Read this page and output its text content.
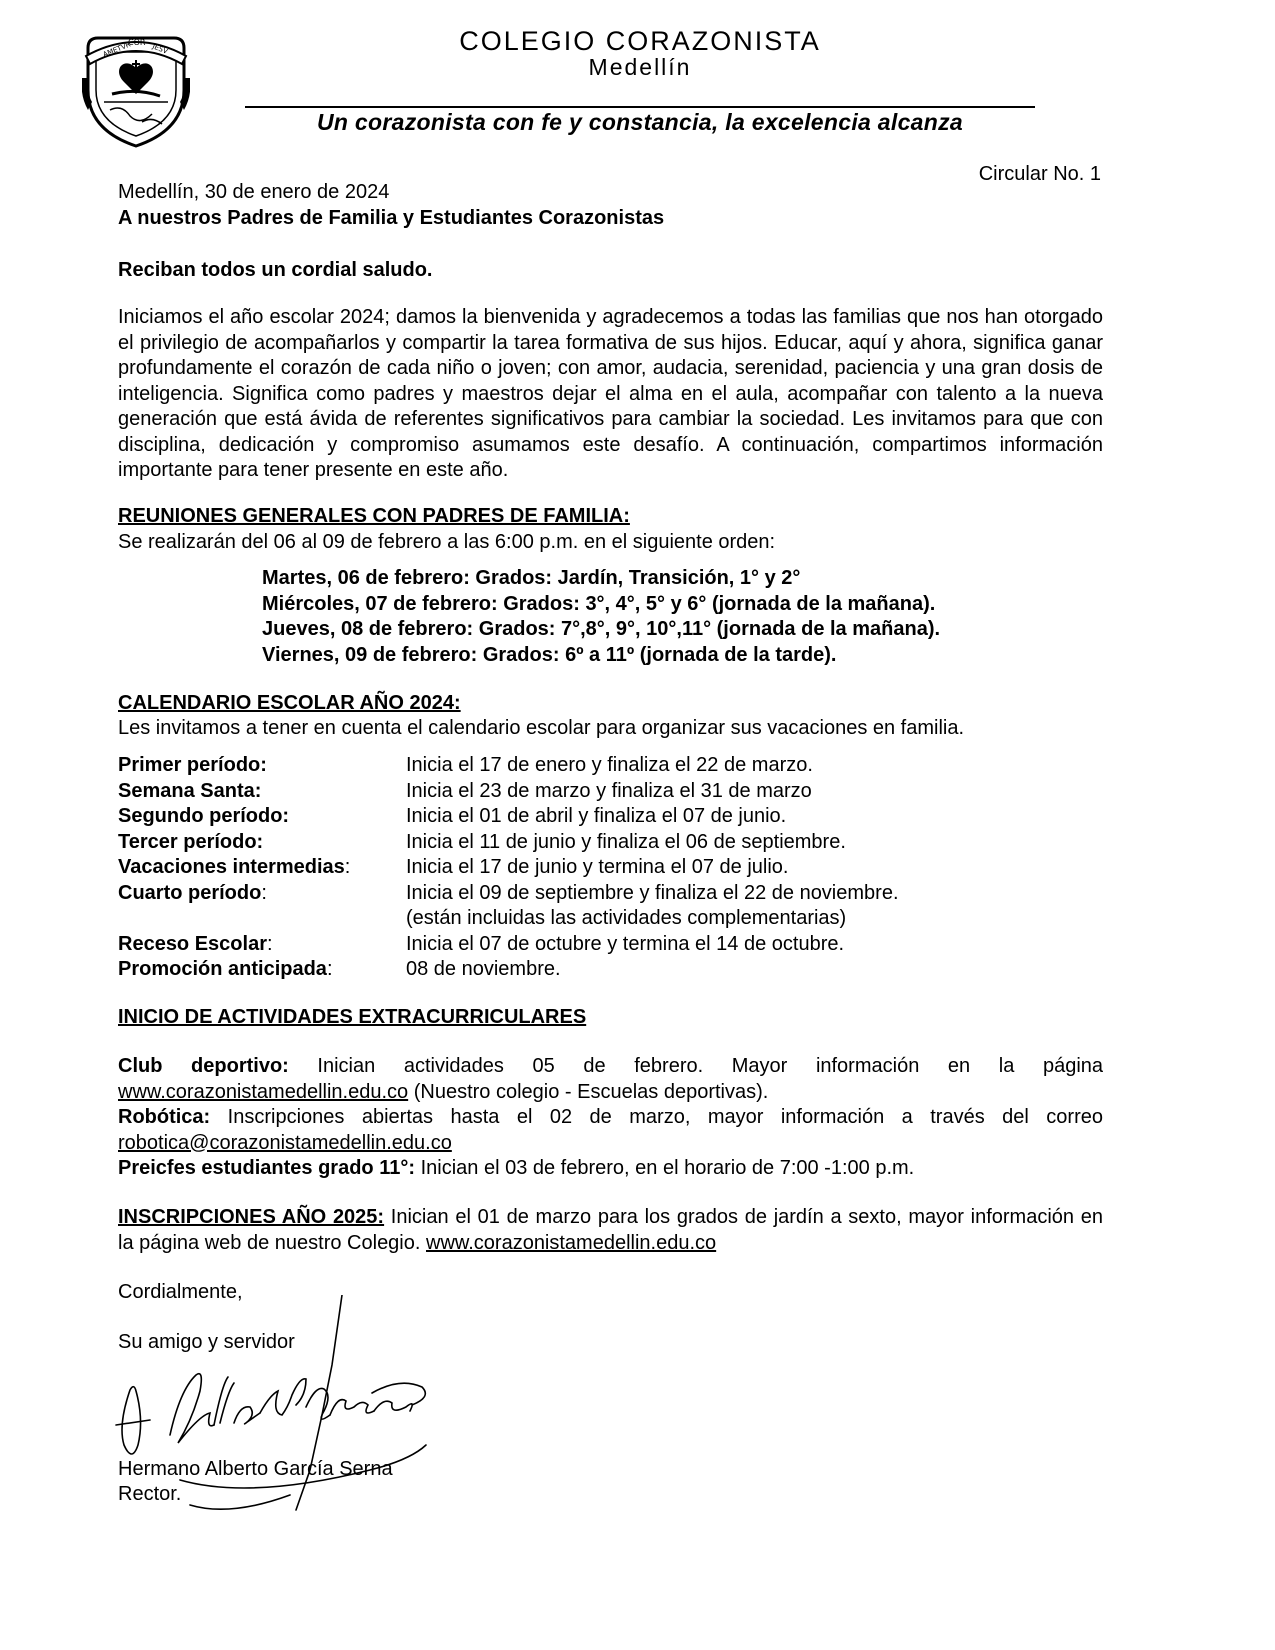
AMETVR
COR JESV	COLEGIO CORAZONISTA
Medellín
Un corazonista con fe y constancia, la excelencia alcanza
Circular No. 1
Medellín, 30 de enero de 2024
A nuestros Padres de Familia y Estudiantes Corazonistas
Reciban todos un cordial saludo.
Iniciamos el año escolar 2024; damos la bienvenida y agradecemos a todas las familias que nos han otorgado el privilegio de acompañarlos y compartir la tarea formativa de sus hijos. Educar, aquí y ahora, significa ganar profundamente el corazón de cada niño o joven; con amor, audacia, serenidad, paciencia y una gran dosis de inteligencia. Significa como padres y maestros dejar el alma en el aula, acompañar con talento a la nueva generación que está ávida de referentes significativos para cambiar la sociedad. Les invitamos para que con disciplina, dedicación y compromiso asumamos este desafío. A continuación, compartimos información importante para tener presente en este año.
REUNIONES GENERALES CON PADRES DE FAMILIA:
Se realizarán del 06 al 09 de febrero a las 6:00 p.m. en el siguiente orden:
Martes, 06 de febrero: Grados: Jardín, Transición, 1° y 2°
Miércoles, 07 de febrero: Grados: 3°, 4°, 5° y 6° (jornada de la mañana).
Jueves, 08 de febrero: Grados: 7°,8°, 9°, 10°,11° (jornada de la mañana).
Viernes, 09 de febrero: Grados: 6º a 11º (jornada de la tarde).
CALENDARIO ESCOLAR AÑO 2024:
Les invitamos a tener en cuenta el calendario escolar para organizar sus vacaciones en familia.
Primer período:	Inicia el 17 de enero y finaliza el 22 de marzo.
Semana Santa:	Inicia el 23 de marzo y finaliza el 31 de marzo
Segundo período:	Inicia el 01 de abril y finaliza el 07 de junio.
Tercer período:	Inicia el 11 de junio y finaliza el 06 de septiembre.
Vacaciones intermedias:	Inicia el 17 de junio y termina el 07 de julio.
Cuarto período:	Inicia el 09 de septiembre y finaliza el 22 de noviembre.
(están incluidas las actividades complementarias)
Receso Escolar:	Inicia el 07 de octubre y termina el 14 de octubre.
Promoción anticipada:	08 de noviembre.
INICIO DE ACTIVIDADES EXTRACURRICULARES
Club deportivo: Inician actividades 05 de febrero. Mayor información en la página www.corazonistamedellin.edu.co (Nuestro colegio - Escuelas deportivas).
Robótica: Inscripciones abiertas hasta el 02 de marzo, mayor información a través del correo robotica@corazonistamedellin.edu.co
Preicfes estudiantes grado 11°: Inician el 03 de febrero, en el horario de 7:00 -1:00 p.m.
INSCRIPCIONES AÑO 2025: Inician el 01 de marzo para los grados de jardín a sexto, mayor información en la página web de nuestro Colegio. www.corazonistamedellin.edu.co
Cordialmente,
Su amigo y servidor
Hermano Alberto García Serna
Rector.
